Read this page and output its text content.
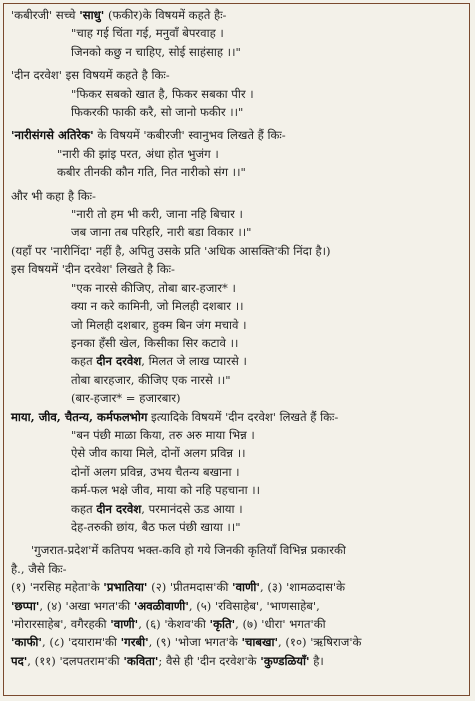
'कबीरजी' सच्चे 'साधु' (फकीर)के विषयमें कहते हैः-
"चाह गई चिंता गई, मनुवाँ बेपरवाह ।
जिनको कछु न चाहिए, सोई साहंसाह ।।"
'दीन दरवेश' इस विषयमें कहते है किः-
"फिकर सबको खात है, फिकर सबका पीर ।
फिकरकी फाकी करै, सो जानो फकीर ।।"
'नारीसंगसे अतिरेक' के विषयमें 'कबीरजी' स्वानुभव लिखते हैं किः-
"नारी की झांइ परत, अंधा होत भुजंग ।
कबीर तीनकी कौन गति, नित नारीको संग ।।"
और भी कहा है किः-
"नारी तो हम भी करी, जाना नहि बिचार ।
जब जाना तब परिहरि, नारी बडा विकार ।।"
(यहाँ पर 'नारीनिंदा' नहीं है, अपितु उसके प्रति 'अधिक आसक्ति'की निंदा है।)
इस विषयमें 'दीन दरवेश' लिखते है किः-
"एक नारसे कीजिए, तोबा बार-हजार* ।
क्या न करे कामिनी, जो मिलही दशबार ।।
जो मिलही दशबार, हुक्म बिन जंग मचावे ।
इनका हँसी खेल, किसीका सिर कटावे ।।
कहत दीन दरवेश, मिलत जे लाख प्यारसे ।
तोबा बारहजार, कीजिए एक नारसे ।।"
(बार-हजार* = हजारबार)
माया, जीव, चैतन्य, कर्मफलभोग इत्यादिके विषयमें 'दीन दरवेश' लिखते हैं किः-
"बन पंछी माळा किया, तरु अरु माया भिन्न ।
ऐसे जीव काया मिले, दोनों अलग प्रविन्न ।।
दोनों अलग प्रविन्न, उभय चैतन्य बखाना ।
कर्म-फल भक्षे जीव, माया को नहि पहचाना ।।
कहत दीन दरवेश, परमानंदसे ऊड आया ।
देह-तरुकी छांय, बैठ फल पंछी खाया ।।"
'गुजरात-प्रदेश'में कतिपय भक्त-कवि हो गये जिनकी कृतियाँ विभिन्न प्रकारकी
है., जैसे किः-
(१) 'नरसिह महेता'के 'प्रभातिया' (२) 'प्रीतमदास'की 'वाणी', (३) 'शामळदास'के
'छप्पा', (४) 'अखा भगत'की 'अवळीवाणी', (५) 'रविसाहेब', 'भाणसाहेब',
'मोरारसाहेब', वगैरहकी 'वाणी', (६) 'केशव'की 'कृति', (७) 'धीरा' भगत'की
'काफी', (८) 'दयाराम'की 'गरबी', (९) 'भोजा भगत'के 'चाबखा', (१०) 'ऋषिराज'के
पद', (११) 'दलपतराम'की 'कविता'; वैसे ही 'दीन दरवेश'के 'कुण्डळियाँ' है।
